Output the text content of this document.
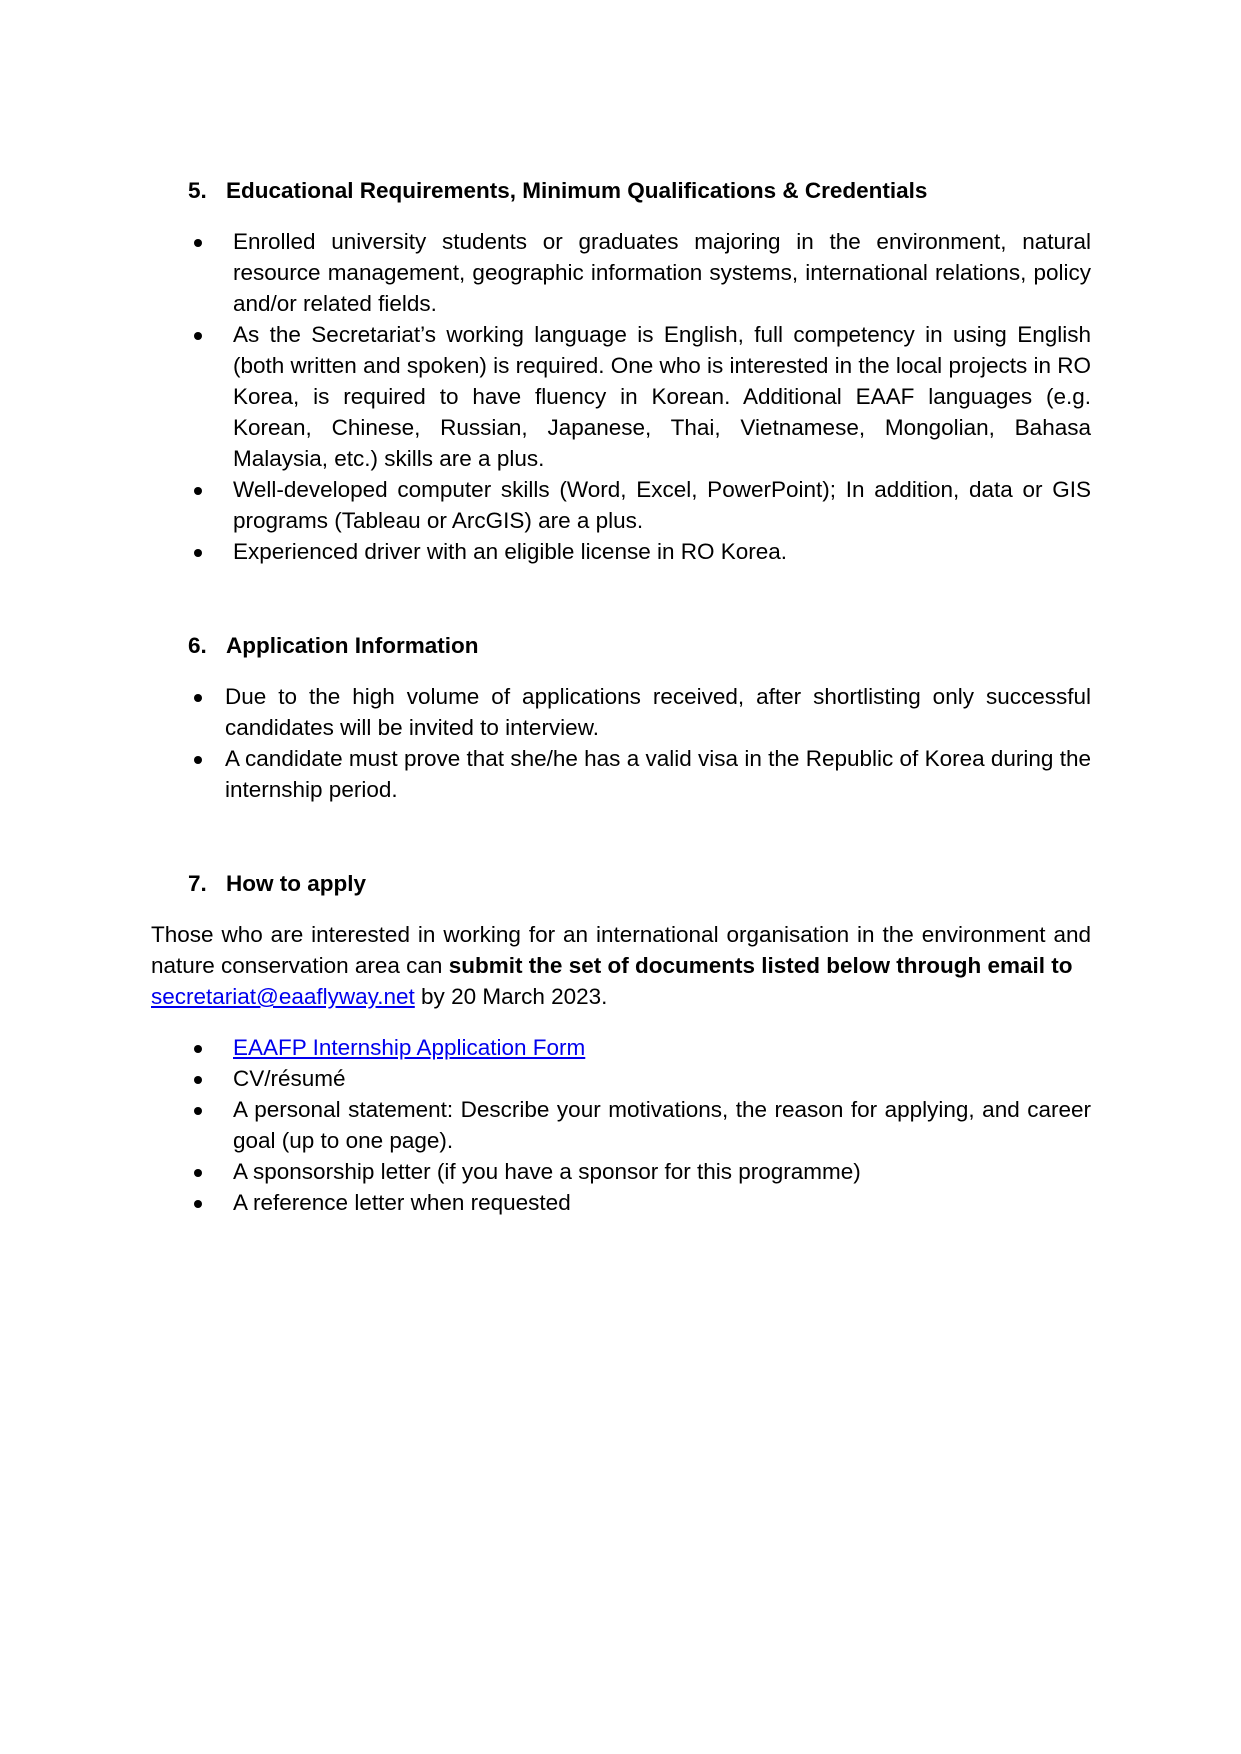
5. Educational Requirements, Minimum Qualifications & Credentials
Enrolled university students or graduates majoring in the environment, natural resource management, geographic information systems, international relations, policy and/or related fields.
As the Secretariat’s working language is English, full competency in using English (both written and spoken) is required. One who is interested in the local projects in RO Korea, is required to have fluency in Korean. Additional EAAF languages (e.g. Korean, Chinese, Russian, Japanese, Thai, Vietnamese, Mongolian, Bahasa Malaysia, etc.) skills are a plus.
Well-developed computer skills (Word, Excel, PowerPoint); In addition, data or GIS programs (Tableau or ArcGIS) are a plus.
Experienced driver with an eligible license in RO Korea.
6. Application Information
Due to the high volume of applications received, after shortlisting only successful candidates will be invited to interview.
A candidate must prove that she/he has a valid visa in the Republic of Korea during the internship period.
7. How to apply

Those who are interested in working for an international organisation in the environment and nature conservation area can submit the set of documents listed below through email to
secretariat@eaaflyway.net by 20 March 2023.

EAAFP Internship Application Form
CV/résumé
A personal statement: Describe your motivations, the reason for applying, and career goal (up to one page).
A sponsorship letter (if you have a sponsor for this programme)
A reference letter when requested
